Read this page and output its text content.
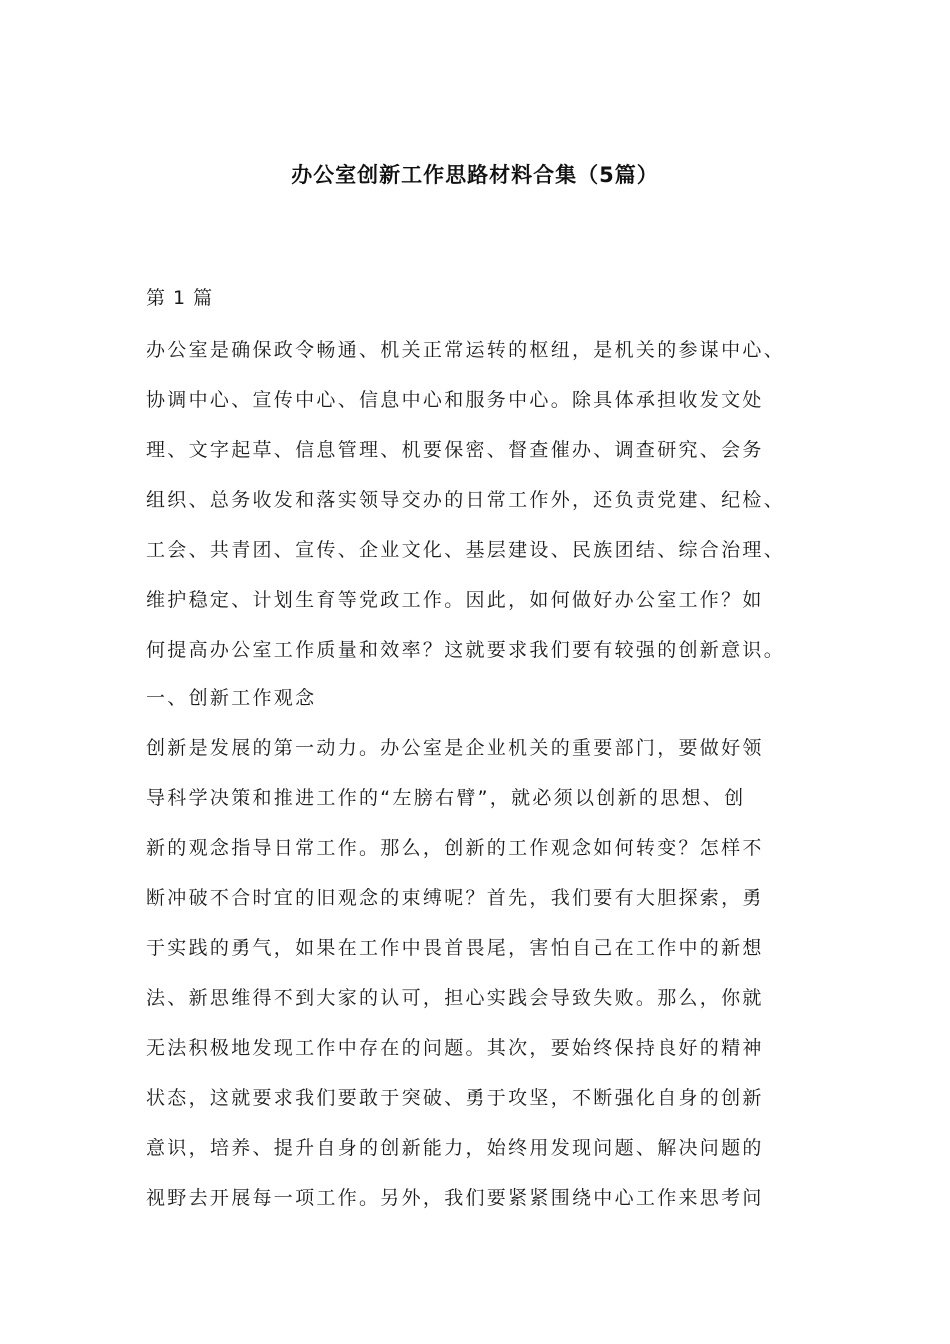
办公室创新工作思路材料合集（5篇）
第 1 篇
办公室是确保政令畅通、机关正常运转的枢纽，是机关的参谋中心、
协调中心、宣传中心、信息中心和服务中心。除具体承担收发文处
理、文字起草、信息管理、机要保密、督查催办、调查研究、会务
组织、总务收发和落实领导交办的日常工作外，还负责党建、纪检、
工会、共青团、宣传、企业文化、基层建设、民族团结、综合治理、
维护稳定、计划生育等党政工作。因此，如何做好办公室工作？如
何提高办公室工作质量和效率？这就要求我们要有较强的创新意识。
一、创新工作观念
创新是发展的第一动力。办公室是企业机关的重要部门，要做好领
导科学决策和推进工作的“左膀右臂”，就必须以创新的思想、创
新的观念指导日常工作。那么，创新的工作观念如何转变？怎样不
断冲破不合时宜的旧观念的束缚呢？首先，我们要有大胆探索，勇
于实践的勇气，如果在工作中畏首畏尾，害怕自己在工作中的新想
法、新思维得不到大家的认可，担心实践会导致失败。那么，你就
无法积极地发现工作中存在的问题。其次，要始终保持良好的精神
状态，这就要求我们要敢于突破、勇于攻坚，不断强化自身的创新
意识，培养、提升自身的创新能力，始终用发现问题、解决问题的
视野去开展每一项工作。另外，我们要紧紧围绕中心工作来思考问
